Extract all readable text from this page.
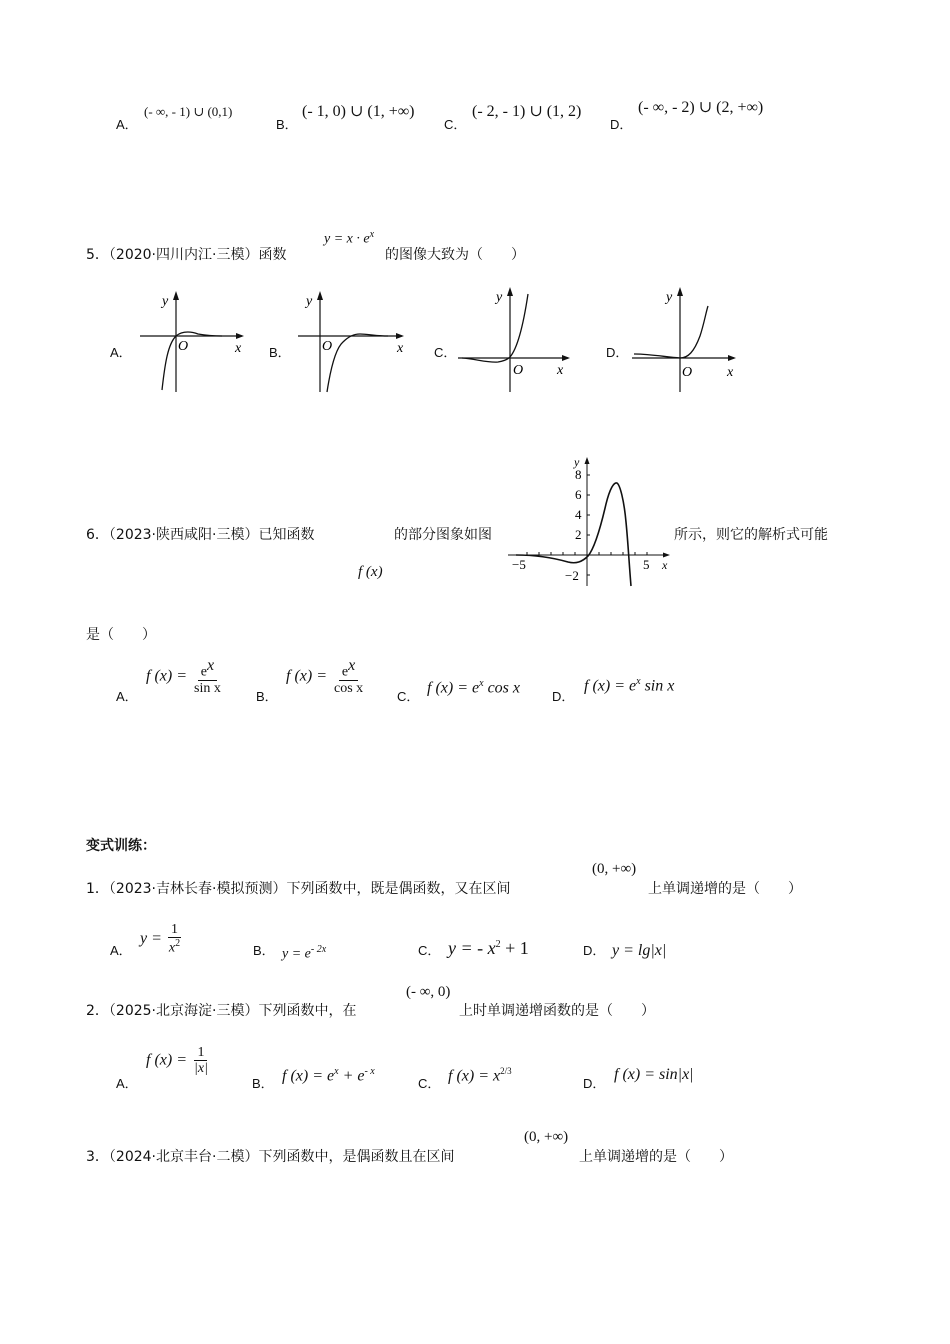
A．
(- ∞, - 1) ∪ (0,1)
B．
(- 1, 0) ∪ (1, +∞)
C．
(- 2, - 1) ∪ (1, 2)
D．
(- ∞, - 2) ∪ (2, +∞)
5．（2020·四川内江·三模）函数
$y = x \cdot e^x$
的图像大致为（　　）
A．
y
x
O	B．
y
x
O	C．
y
x
O
D．
y
x
O
6．（2023·陕西咸阳·三模）已知函数	的部分图象如图	所示，则它的解析式可能
f (x)
y
x
8
6
4
2
−2
−5	5
是（　　）
A．
f $(x) = \frac{e^x}{\text{sin x}}$
B．
f $(x) = \frac{e^x}{\text{cos x}}$
C．
f $(x) = e^x$ cos x
D．
f $(x) = e^x$ sin x
变式训练：
1．（2023·吉林长春·模拟预测）下列函数中，既是偶函数，又在区间
(0, +∞)
上单调递增的是（　　）
A．
$y = \frac{1}{x^2}$	B． $y = e^{- 2x}$	C． y = - $x^2 + 1$	D． y = lg|x|
2．（2025·北京海淀·三模）下列函数中，在
(- ∞, 0)
上时单调递增函数的是（　　）
A．
f $(x) = \frac{1}{|x|}$
B． f $(x) = e^x + e^{- x}$
C． f $(x) = x^{2/3}$
D．
f (x) = sin|x|
3．（2024·北京丰台·二模）下列函数中，是偶函数且在区间
(0, +∞)
上单调递增的是（　　）
